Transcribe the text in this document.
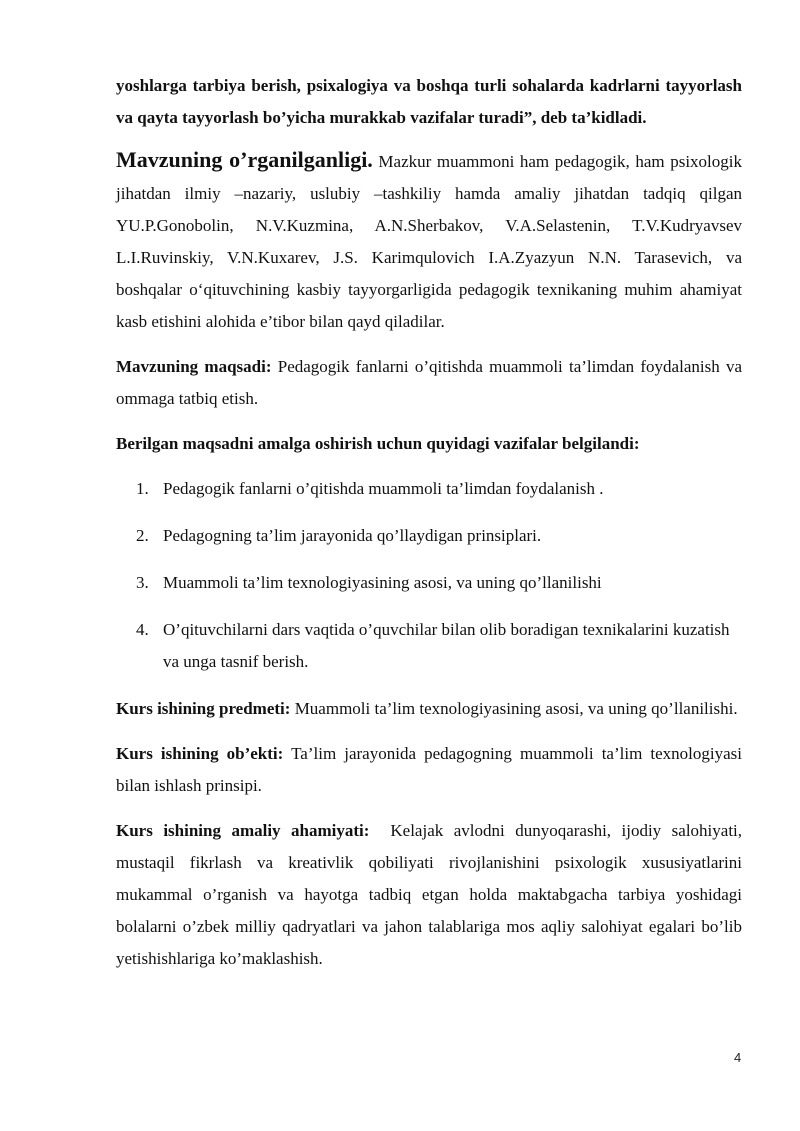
yoshlarga tarbiya berish, psixalogiya va boshqa turli sohalarda kadrlarni tayyorlash va qayta tayyorlash bo’yicha murakkab vazifalar turadi”, deb ta’kidladi.

Mavzuning o’rganilganligi. Mazkur muammoni ham pedagogik, ham psixologik jihatdan ilmiy –nazariy, uslubiy –tashkiliy hamda amaliy jihatdan tadqiq qilgan YU.P.Gonobolin, N.V.Kuzmina, A.N.Sherbakov, V.A.Selastenin, T.V.Kudryavsev L.I.Ruvinskiy, V.N.Kuxarev, J.S. Karimqulovich I.A.Zyazyun N.N. Tarasevich, va boshqalar o‘qituvchining kasbiy tayyorgarligida pedagogik texnikaning muhim ahamiyat kasb etishini alohida e’tibor bilan qayd qiladilar.

Mavzuning maqsadi: Pedagogik fanlarni o’qitishda muammoli ta’limdan foydalanish va ommaga tatbiq etish.

Berilgan maqsadni amalga oshirish uchun quyidagi vazifalar belgilandi:

1. Pedagogik fanlarni o’qitishda muammoli ta’limdan foydalanish .
2. Pedagogning ta’lim jarayonida qo’llaydigan prinsiplari.
3. Muammoli ta’lim texnologiyasining asosi, va uning qo’llanilishi
4. O’qituvchilarni dars vaqtida o’quvchilar bilan olib boradigan texnikalarini kuzatish va unga tasnif berish.

Kurs ishining predmeti: Muammoli ta’lim texnologiyasining asosi, va uning qo’llanilishi.

Kurs ishining ob’ekti: Ta’lim jarayonida pedagogning muammoli ta’lim texnologiyasi bilan ishlash prinsipi.

Kurs ishining amaliy ahamiyati: Kelajak avlodni dunyoqarashi, ijodiy salohiyati, mustaqil fikrlash va kreativlik qobiliyati rivojlanishini psixologik xususiyatlarini mukammal o’rganish va hayotga tadbiq etgan holda maktabgacha tarbiya yoshidagi bolalarni o’zbek milliy qadryatlari va jahon talablariga mos aqliy salohiyat egalari bo’lib yetishishlariga ko’maklashish.

4
